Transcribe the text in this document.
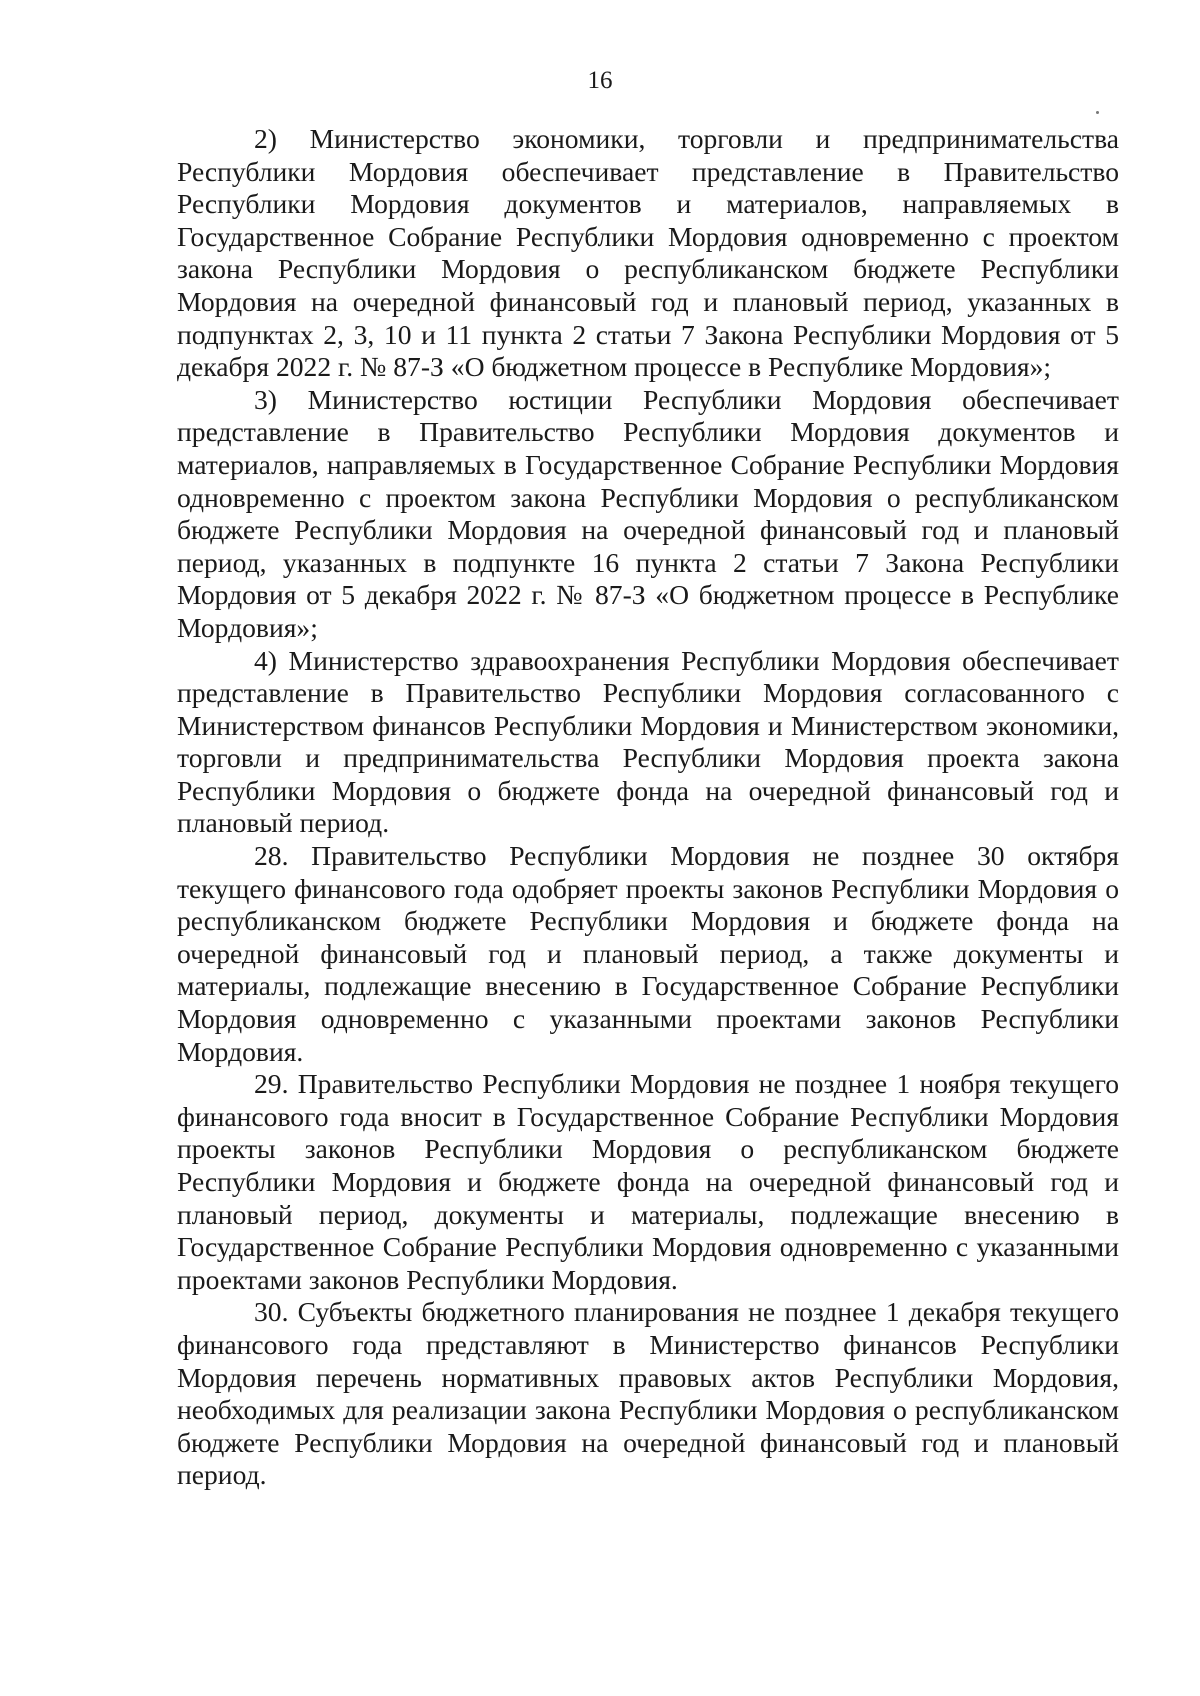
16

2) Министерство экономики, торговли и предпринимательства Республики Мордовия обеспечивает представление в Правительство Республики Мордовия документов и материалов, направляемых в Государственное Собрание Республики Мордовия одновременно с проектом закона Республики Мордовия о республиканском бюджете Республики Мордовия на очередной финансовый год и плановый период, указанных в подпунктах 2, 3, 10 и 11 пункта 2 статьи 7 Закона Республики Мордовия от 5 декабря 2022 г. № 87-З «О бюджетном процессе в Республике Мордовия»;

3) Министерство юстиции Республики Мордовия обеспечивает представление в Правительство Республики Мордовия документов и материалов, направляемых в Государственное Собрание Республики Мордовия одновременно с проектом закона Республики Мордовия о республиканском бюджете Республики Мордовия на очередной финансовый год и плановый период, указанных в подпункте 16 пункта 2 статьи 7 Закона Республики Мордовия от 5 декабря 2022 г. № 87-З «О бюджетном процессе в Республике Мордовия»;

4) Министерство здравоохранения Республики Мордовия обеспечивает представление в Правительство Республики Мордовия согласованного с Министерством финансов Республики Мордовия и Министерством экономики, торговли и предпринимательства Республики Мордовия проекта закона Республики Мордовия о бюджете фонда на очередной финансовый год и плановый период.

28. Правительство Республики Мордовия не позднее 30 октября текущего финансового года одобряет проекты законов Республики Мордовия о республиканском бюджете Республики Мордовия и бюджете фонда на очередной финансовый год и плановый период, а также документы и материалы, подлежащие внесению в Государственное Собрание Республики Мордовия одновременно с указанными проектами законов Республики Мордовия.

29. Правительство Республики Мордовия не позднее 1 ноября текущего финансового года вносит в Государственное Собрание Республики Мордовия проекты законов Республики Мордовия о республиканском бюджете Республики Мордовия и бюджете фонда на очередной финансовый год и плановый период, документы и материалы, подлежащие внесению в Государственное Собрание Республики Мордовия одновременно с указанными проектами законов Республики Мордовия.

30. Субъекты бюджетного планирования не позднее 1 декабря текущего финансового года представляют в Министерство финансов Республики Мордовия перечень нормативных правовых актов Республики Мордовия, необходимых для реализации закона Республики Мордовия о республиканском бюджете Республики Мордовия на очередной финансовый год и плановый период.
